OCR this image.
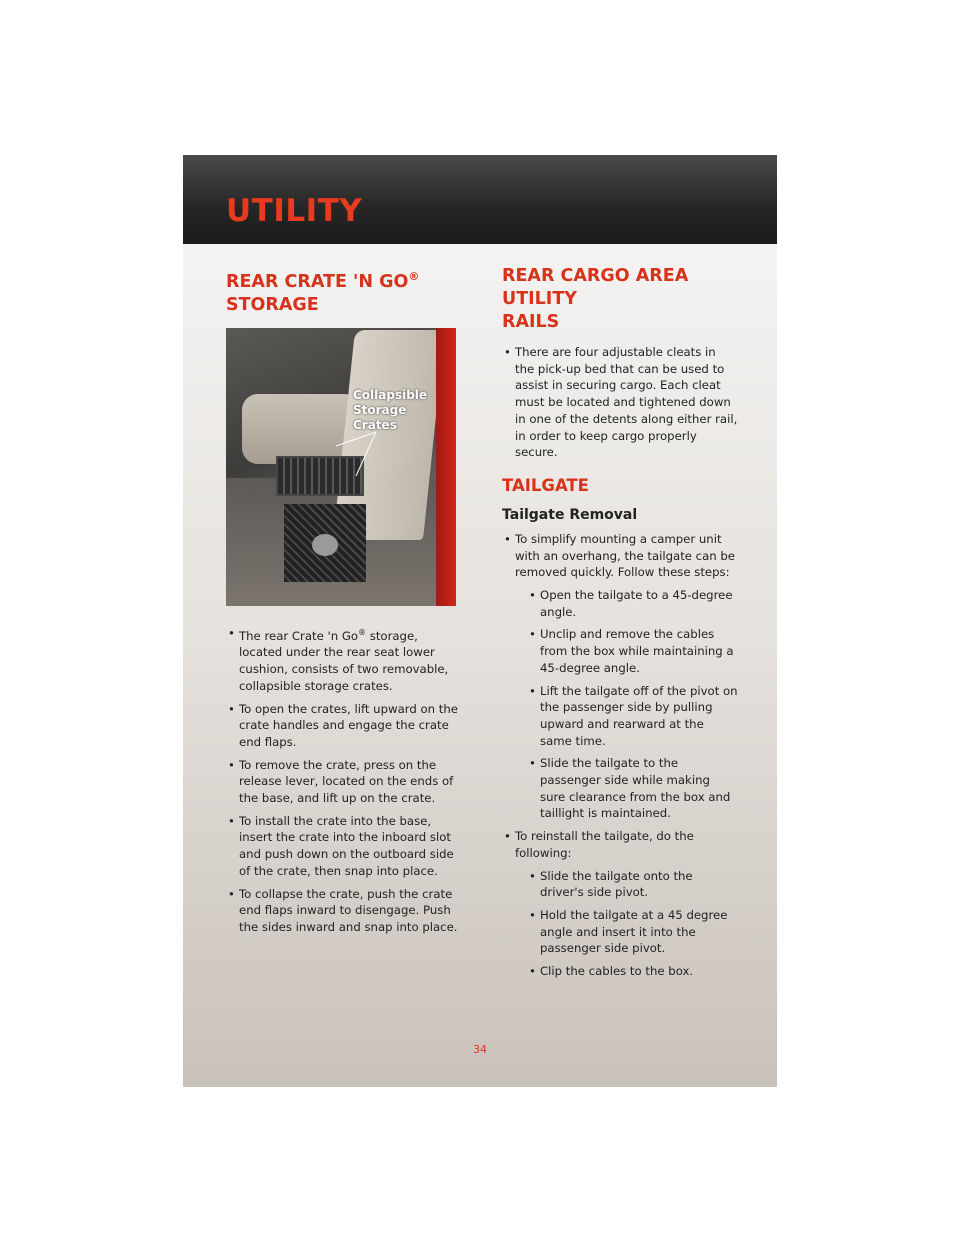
UTILITY
REAR CRATE 'N GO®
STORAGE
Collapsible
Storage
Crates
• The rear Crate 'n Go® storage, located under the rear seat lower cushion, consists of two removable, collapsible storage crates.
• To open the crates, lift upward on the crate handles and engage the crate end flaps.
• To remove the crate, press on the release lever, located on the ends of the base, and lift up on the crate.
• To install the crate into the base, insert the crate into the inboard slot and push down on the outboard side of the crate, then snap into place.
• To collapse the crate, push the crate end flaps inward to disengage. Push the sides inward and snap into place.
REAR CARGO AREA UTILITY
RAILS
• There are four adjustable cleats in the pick-up bed that can be used to assist in securing cargo. Each cleat must be located and tightened down in one of the detents along either rail, in order to keep cargo properly secure.
TAILGATE
Tailgate Removal
• To simplify mounting a camper unit with an overhang, the tailgate can be removed quickly. Follow these steps:
• Open the tailgate to a 45-degree angle.
• Unclip and remove the cables from the box while maintaining a 45-degree angle.
• Lift the tailgate off of the pivot on the passenger side by pulling upward and rearward at the same time.
• Slide the tailgate to the passenger side while making sure clearance from the box and taillight is maintained.
• To reinstall the tailgate, do the following:
• Slide the tailgate onto the driver's side pivot.
• Hold the tailgate at a 45 degree angle and insert it into the passenger side pivot.
• Clip the cables to the box.
34
